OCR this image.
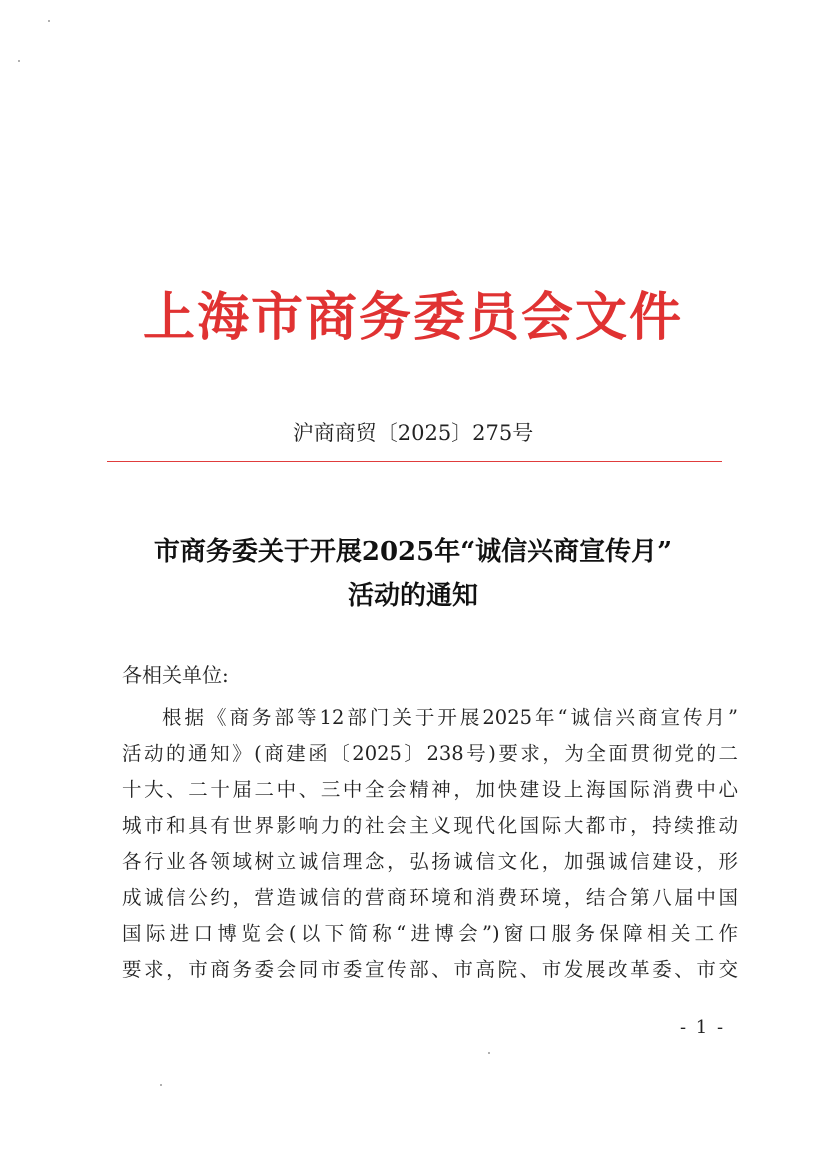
上海市商务委员会文件
沪商商贸〔2025〕275号
市商务委关于开展2025年“诚信兴商宣传月”
活动的通知
各相关单位:
根据《商务部等12部门关于开展2025年“诚信兴商宣传月”
活动的通知》(商建函〔2025〕238号)要求，为全面贯彻党的二
十大、二十届二中、三中全会精神，加快建设上海国际消费中心
城市和具有世界影响力的社会主义现代化国际大都市，持续推动
各行业各领域树立诚信理念，弘扬诚信文化，加强诚信建设，形
成诚信公约，营造诚信的营商环境和消费环境，结合第八届中国
国际进口博览会(以下简称“进博会”)窗口服务保障相关工作
要求，市商务委会同市委宣传部、市高院、市发展改革委、市交
- 1 -
